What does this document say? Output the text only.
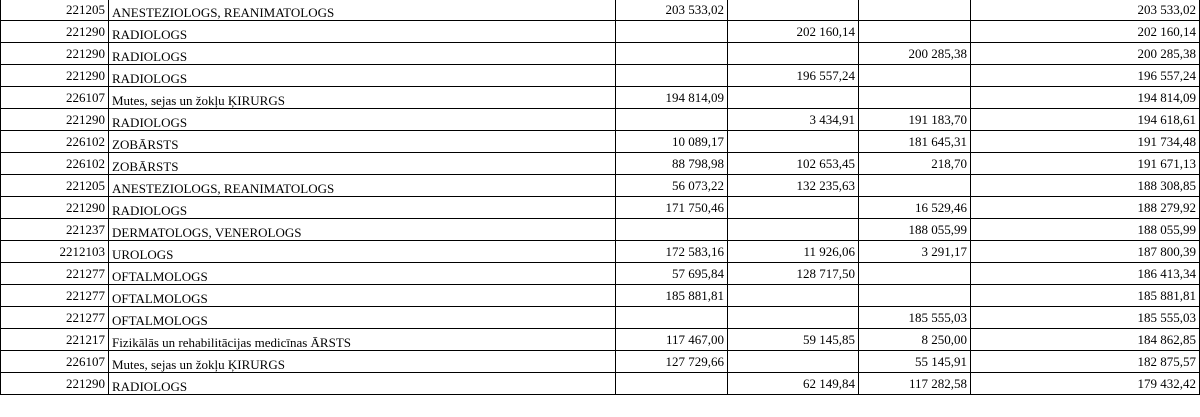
221205	ANESTEZIOLOGS, REANIMATOLOGS	203 533,02			203 533,02
221290	RADIOLOGS		202 160,14		202 160,14
221290	RADIOLOGS			200 285,38	200 285,38
221290	RADIOLOGS		196 557,24		196 557,24
226107	Mutes, sejas un žokļu ĶIRURGS	194 814,09			194 814,09
221290	RADIOLOGS		3 434,91	191 183,70	194 618,61
226102	ZOBĀRSTS	10 089,17		181 645,31	191 734,48
226102	ZOBĀRSTS	88 798,98	102 653,45	218,70	191 671,13
221205	ANESTEZIOLOGS, REANIMATOLOGS	56 073,22	132 235,63		188 308,85
221290	RADIOLOGS	171 750,46		16 529,46	188 279,92
221237	DERMATOLOGS, VENEROLOGS			188 055,99	188 055,99
2212103	UROLOGS	172 583,16	11 926,06	3 291,17	187 800,39
221277	OFTALMOLOGS	57 695,84	128 717,50		186 413,34
221277	OFTALMOLOGS	185 881,81			185 881,81
221277	OFTALMOLOGS			185 555,03	185 555,03
221217	Fizikālās un rehabilitācijas medicīnas ĀRSTS	117 467,00	59 145,85	8 250,00	184 862,85
226107	Mutes, sejas un žokļu ĶIRURGS	127 729,66		55 145,91	182 875,57
221290	RADIOLOGS		62 149,84	117 282,58	179 432,42
